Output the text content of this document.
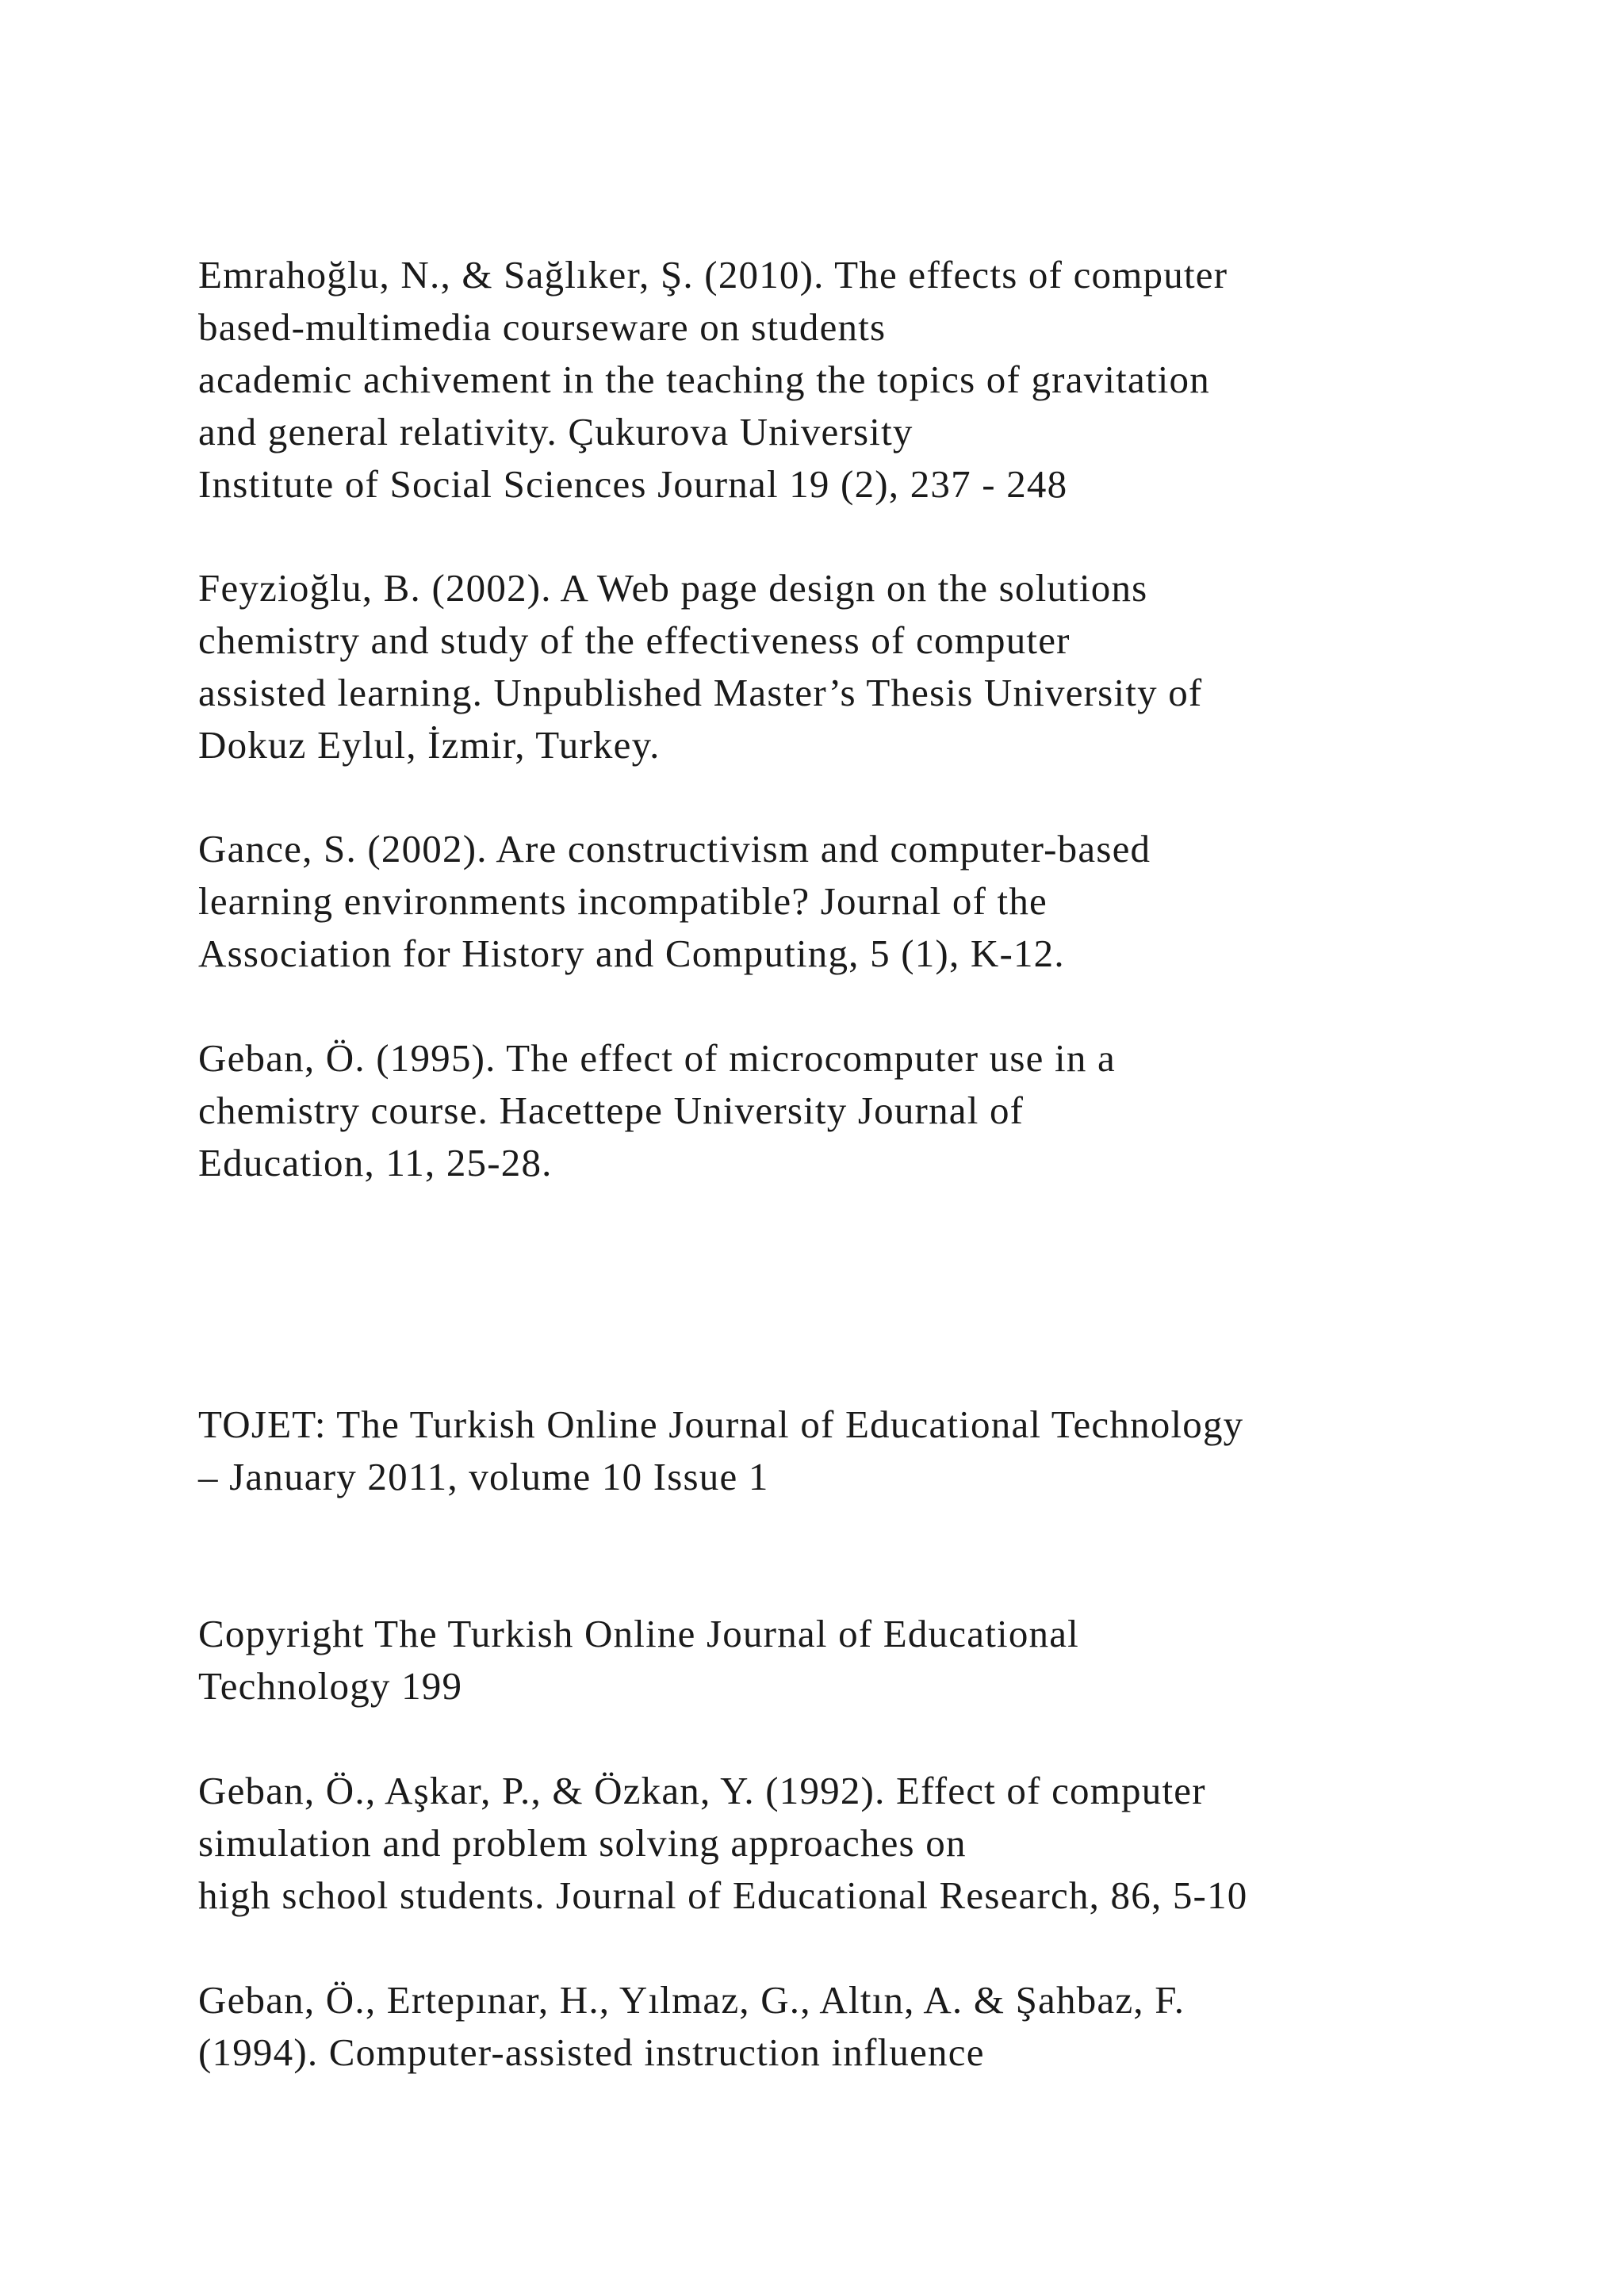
Emrahoğlu, N., & Sağlıker, Ş. (2010). The effects of computer
based-multimedia courseware on students
academic achivement in the teaching the topics of gravitation
and general relativity. Çukurova University
Institute of Social Sciences Journal 19 (2), 237 - 248
Feyzioğlu, B. (2002). A Web page design on the solutions
chemistry and study of the effectiveness of computer
assisted learning. Unpublished Master’s Thesis University of
Dokuz Eylul, İzmir, Turkey.
Gance, S. (2002). Are constructivism and computer-based
learning environments incompatible? Journal of the
Association for History and Computing, 5 (1), K-12.
Geban, Ö. (1995). The effect of microcomputer use in a
chemistry course. Hacettepe University Journal of
Education, 11, 25-28.
TOJET: The Turkish Online Journal of Educational Technology
– January 2011, volume 10 Issue 1
Copyright The Turkish Online Journal of Educational
Technology 199
Geban, Ö., Aşkar, P., & Özkan, Y. (1992). Effect of computer
simulation and problem solving approaches on
high school students. Journal of Educational Research, 86, 5-10
Geban, Ö., Ertepınar, H., Yılmaz, G., Altın, A. & Şahbaz, F.
(1994). Computer-assisted instruction influence
